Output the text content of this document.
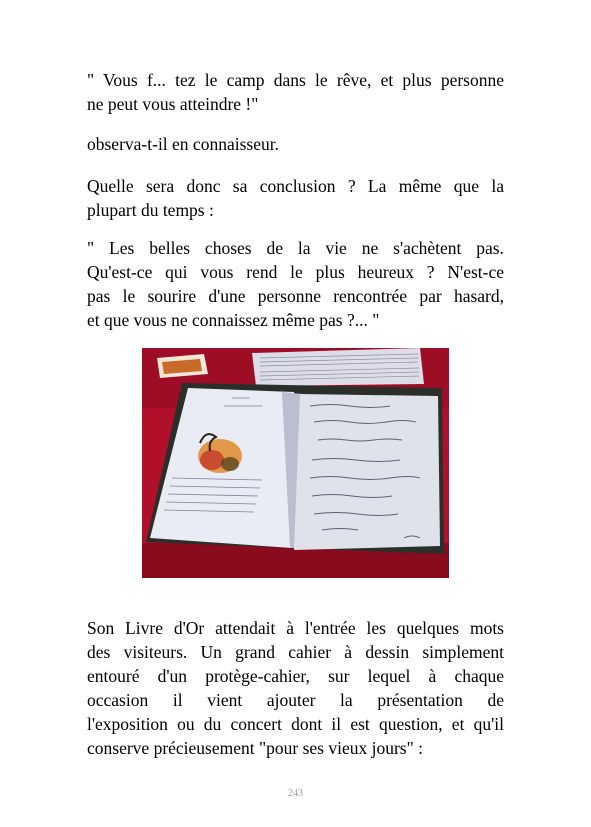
" Vous f... tez le camp dans le rêve, et plus personne
ne peut vous atteindre !"

observa-t-il en connaisseur.

Quelle sera donc sa conclusion ? La même que la
plupart du temps :

" Les belles choses de la vie ne s'achètent pas.
Qu'est-ce qui vous rend le plus heureux ? N'est-ce
pas le sourire d'une personne rencontrée par hasard,
et que vous ne connaissez même pas ?... "

Son Livre d'Or attendait à l'entrée les quelques mots
des visiteurs. Un grand cahier à dessin simplement
entouré d'un protège-cahier, sur lequel à chaque
occasion il vient ajouter la présentation de
l'exposition ou du concert dont il est question, et qu'il
conserve précieusement "pour ses vieux jours" :

243
